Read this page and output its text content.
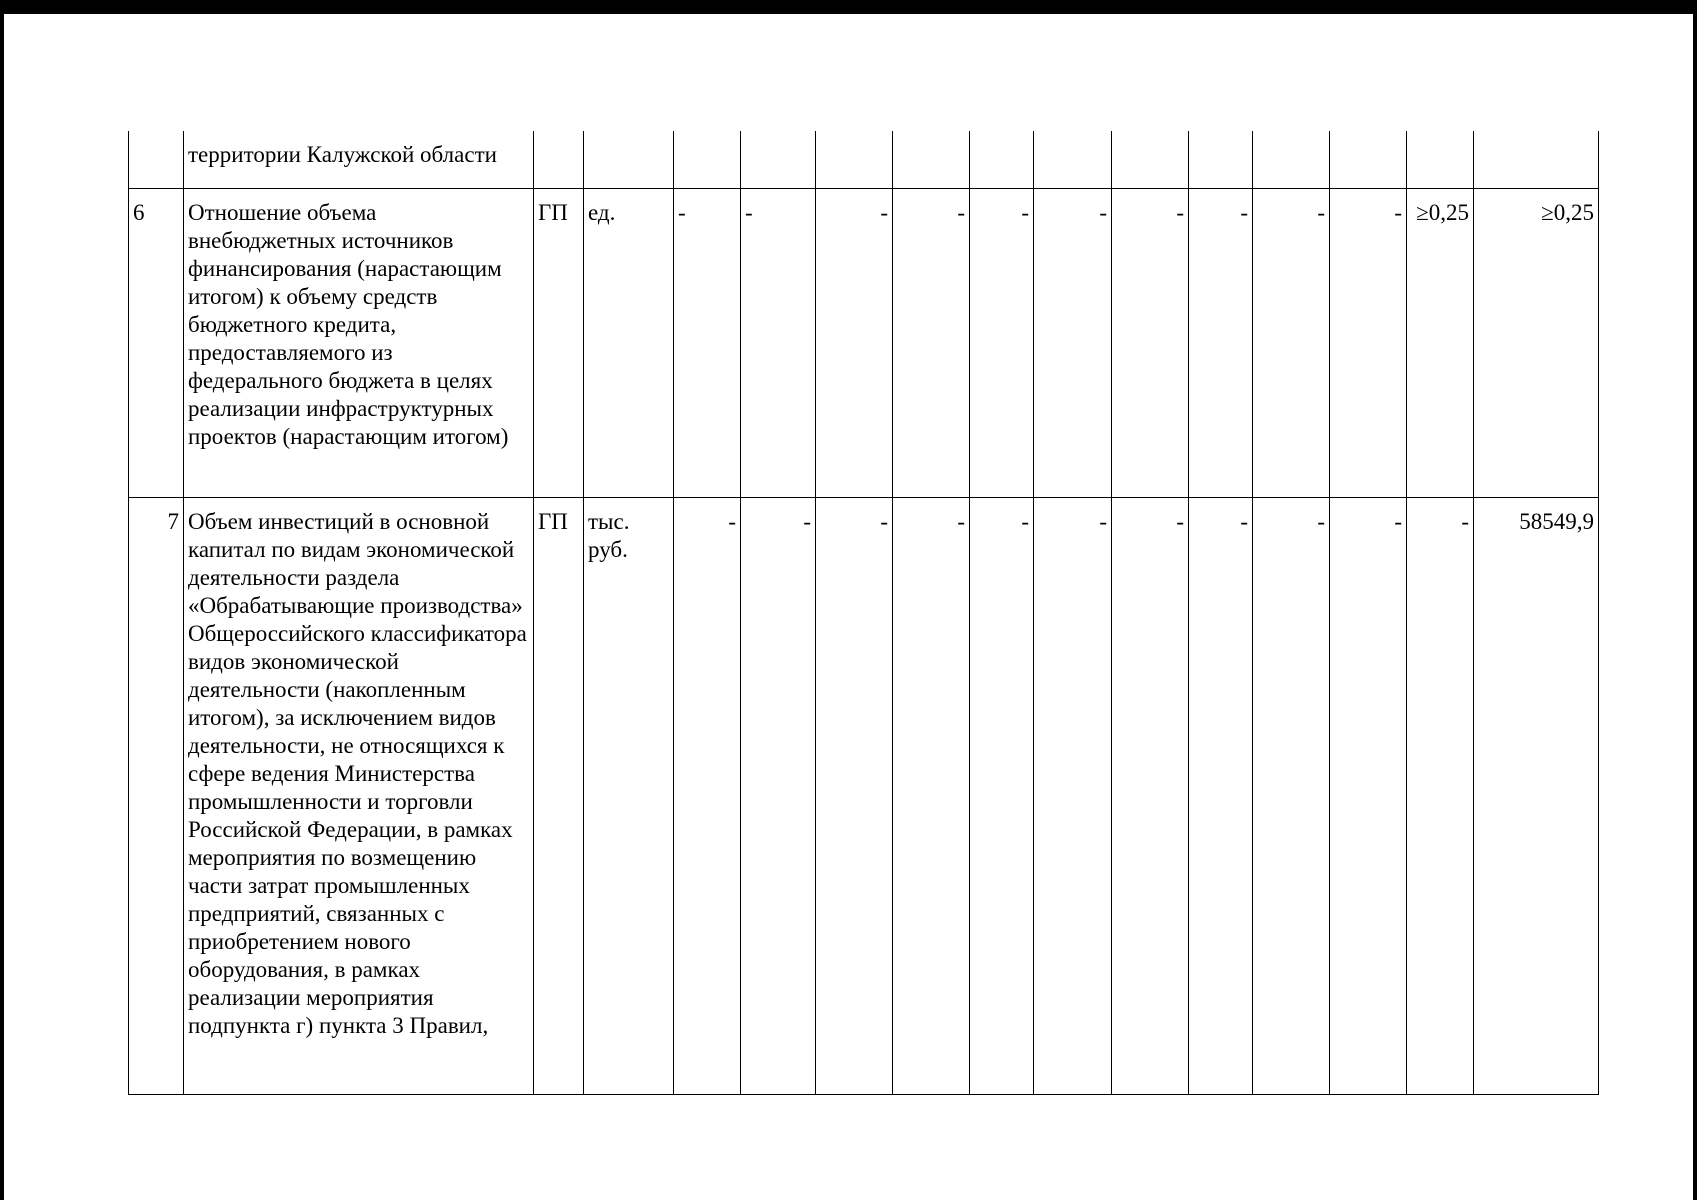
	территории Калужской области														
6	Отношение объема внебюджетных источников финансирования (нарастающим итогом) к объему средств бюджетного кредита, предоставляемого из федерального бюджета в целях реализации инфраструктурных проектов (нарастающим итогом)	ГП	ед.	-	-	-	-	-	-	-	-	-	-	≥0,25	≥0,25
7	Объем инвестиций в основной капитал по видам экономической деятельности раздела «Обрабатывающие производства» Общероссийского классификатора видов экономической деятельности (накопленным итогом), за исключением видов деятельности, не относящихся к сфере ведения Министерства промышленности и торговли Российской Федерации, в рамках мероприятия по возмещению части затрат промышленных предприятий, связанных с приобретением нового оборудования, в рамках реализации мероприятия подпункта г) пункта 3 Правил,	ГП	тыс. руб.	-	-	-	-	-	-	-	-	-	-	-	58549,9
